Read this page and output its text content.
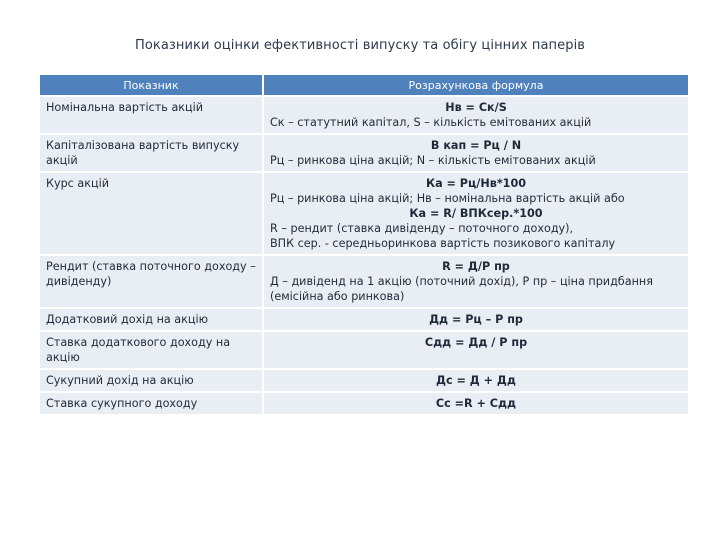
Показники оцінки ефективності випуску та обігу цінних паперів
Показник	Розрахункова формула
Номінальна вартість акцій	Нв = Ск/S
Ск – статутний капітал, S – кількість емітованих акцій

Капіталізована вартість випуску акцій	В кап = Рц / N
Рц – ринкова ціна акцій; N – кількість емітованих акцій

Курс акцій	Ка = Рц/Нв*100
Рц – ринкова ціна акцій; Нв – номінальна вартість акцій або
Ка = R/ ВПКсер.*100
R – рендит (ставка дивіденду – поточного доходу),
ВПК сер. - середньоринкова вартість позикового капіталу

Рендит (ставка поточного доходу – дивіденду)	R = Д/Р пр
Д – дивіденд на 1 акцію (поточний дохід), Р пр – ціна придбання (емісійна або ринкова)

Додатковий дохід на акцію	Дд = Рц – Р пр

Ставка додаткового доходу на акцію	Сдд = Дд / Р пр

Сукупний дохід на акцію	Дс = Д + Дд

Ставка сукупного доходу	Сс =R + Сдд
